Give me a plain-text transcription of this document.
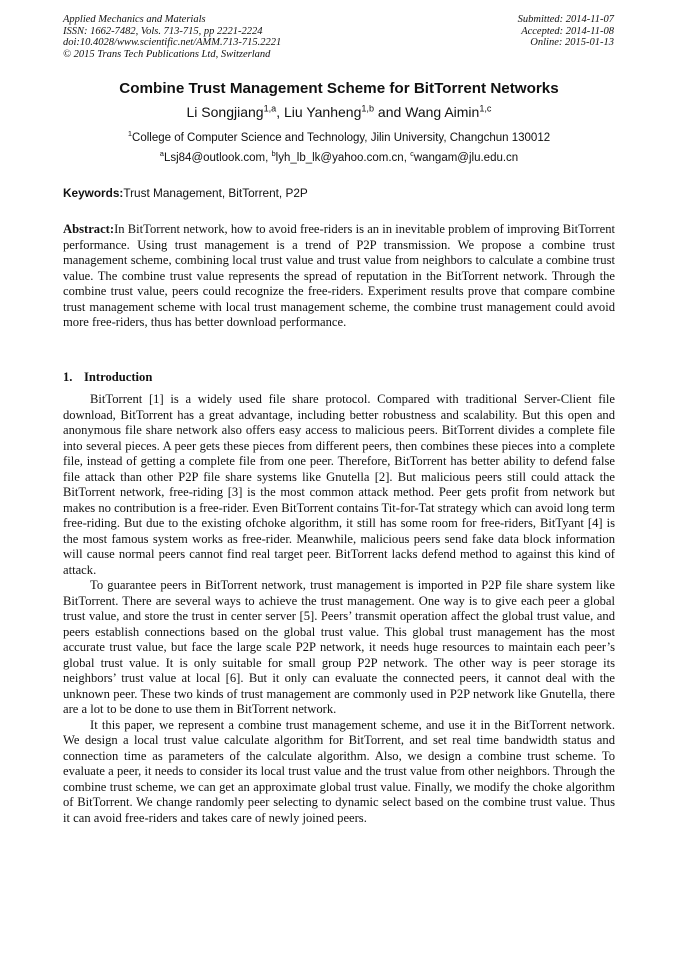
Applied Mechanics and Materials
ISSN: 1662-7482, Vols. 713-715, pp 2221-2224
doi:10.4028/www.scientific.net/AMM.713-715.2221
© 2015 Trans Tech Publications Ltd, Switzerland
Submitted: 2014-11-07
Accepted: 2014-11-08
Online: 2015-01-13
Combine Trust Management Scheme for BitTorrent Networks
Li Songjiang$^{1,a}$, Liu Yanheng$^{1,b}$ and Wang Aimin$^{1,c}$
$^1$College of Computer Science and Technology, Jilin University, Changchun 130012
$^a$Lsj84@outlook.com, $^b$lyh_lb_lk@yahoo.com.cn, $^c$wangam@jlu.edu.cn
Keywords:Trust Management, BitTorrent, P2P
Abstract:In BitTorrent network, how to avoid free-riders is an in inevitable problem of improving BitTorrent performance. Using trust management is a trend of P2P transmission. We propose a combine trust management scheme, combining local trust value and trust value from neighbors to calculate a combine trust value. The combine trust value represents the spread of reputation in the BitTorrent network. Through the combine trust value, peers could recognize the free-riders. Experiment results prove that compare combine trust management scheme with local trust management scheme, the combine trust management could avoid more free-riders, thus has better download performance.
1. Introduction

BitTorrent [1] is a widely used file share protocol. Compared with traditional Server-Client file download, BitTorrent has a great advantage, including better robustness and scalability. But this open and anonymous file share network also offers easy access to malicious peers. BitTorrent divides a complete file into several pieces. A peer gets these pieces from different peers, then combines these pieces into a complete file, instead of getting a complete file from one peer. Therefore, BitTorrent has better ability to defend false file attack than other P2P file share systems like Gnutella [2]. But malicious peers still could attack the BitTorrent network, free-riding [3] is the most common attack method. Peer gets profit from network but makes no contribution is a free-rider. Even BitTorrent contains Tit-for-Tat strategy which can avoid long term free-riding. But due to the existing ofchoke algorithm, it still has some room for free-riders, BitTyant [4] is the most famous system works as free-rider. Meanwhile, malicious peers send fake data block information will cause normal peers cannot find real target peer. BitTorrent lacks defend method to against this kind of attack.

To guarantee peers in BitTorrent network, trust management is imported in P2P file share system like BitTorrent. There are several ways to achieve the trust management. One way is to give each peer a global trust value, and store the trust in center server [5]. Peers’ transmit operation affect the global trust value, and peers establish connections based on the global trust value. This global trust management has the most accurate trust value, but face the large scale P2P network, it needs huge resources to maintain each peer’s global trust value. It is only suitable for small group P2P network. The other way is peer storage its neighbors’ trust value at local [6]. But it only can evaluate the connected peers, it cannot deal with the unknown peer. These two kinds of trust management are commonly used in P2P network like Gnutella, there are a lot to be done to use them in BitTorrent network.

It this paper, we represent a combine trust management scheme, and use it in the BitTorrent network. We design a local trust value calculate algorithm for BitTorrent, and set real time bandwidth status and connection time as parameters of the calculate algorithm. Also, we design a combine trust scheme. To evaluate a peer, it needs to consider its local trust value and the trust value from other neighbors. Through the combine trust scheme, we can get an approximate global trust value. Finally, we modify the choke algorithm of BitTorrent. We change randomly peer selecting to dynamic select based on the combine trust value. Thus it can avoid free-riders and takes care of newly joined peers.
